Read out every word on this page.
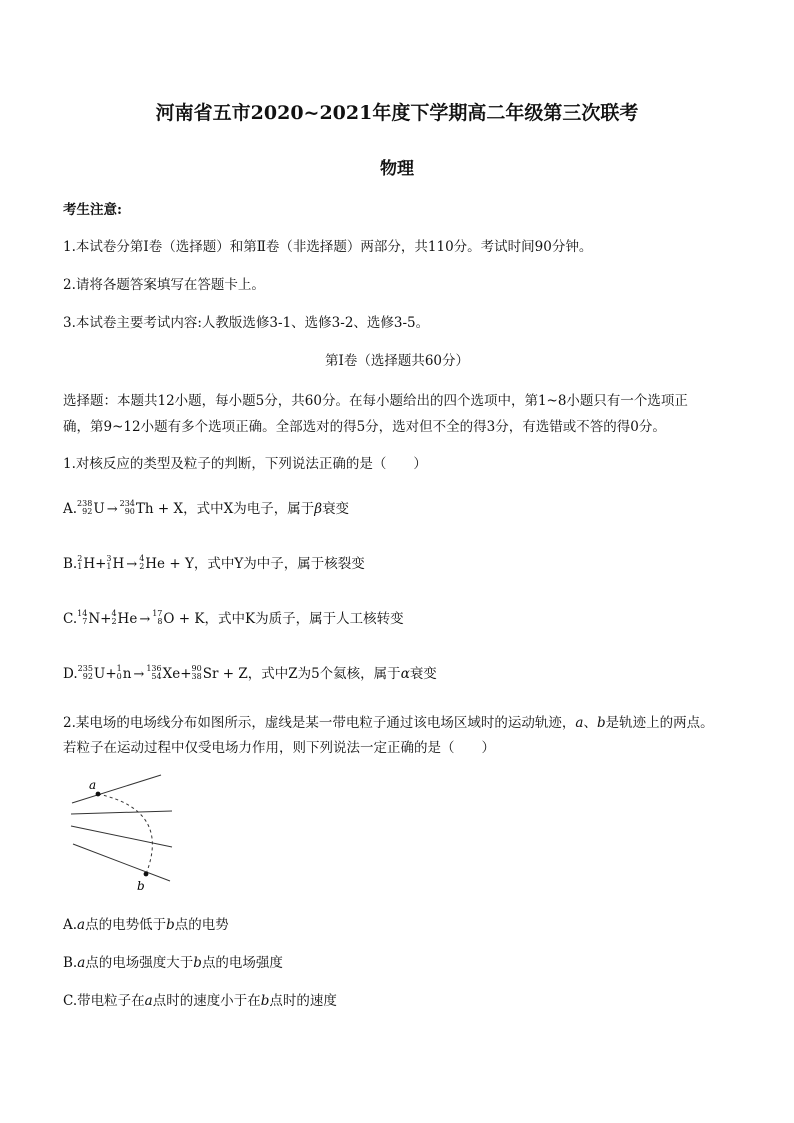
河南省五市2020~2021年度下学期高二年级第三次联考
物理
考生注意:
1.本试卷分第Ⅰ卷（选择题）和第Ⅱ卷（非选择题）两部分，共110分。考试时间90分钟。
2.请将各题答案填写在答题卡上。
3.本试卷主要考试内容:人教版选修3-1、选修3-2、选修3-5。
第Ⅰ卷（选择题共60分）
选择题：本题共12小题，每小题5分，共60分。在每小题给出的四个选项中，第1~8小题只有一个选项正
确，第9~12小题有多个选项正确。全部选对的得5分，选对但不全的得3分，有选错或不答的得0分。
1.对核反应的类型及粒子的判断，下列说法正确的是（　　）
A. 238
92 U → 234
90 Th + X，式中X为电子，属于β衰变
B. 2
1 H+ 3
1 H → 4
2 He + Y，式中Y为中子，属于核裂变
C. 14
7 N+ 4
2 He → 17
8 O + K，式中K为质子，属于人工核转变
D. 235
92 U+ 1
0 n → 136
54 Xe+ 90
38 Sr + Z，式中Z为5个氦核，属于α衰变
2.某电场的电场线分布如图所示，虚线是某一带电粒子通过该电场区域时的运动轨迹，a、b是轨迹上的两点。
若粒子在运动过程中仅受电场力作用，则下列说法一定正确的是（　　）
a
b
A.a点的电势低于b点的电势
B.a点的电场强度大于b点的电场强度
C.带电粒子在a点时的速度小于在b点时的速度
